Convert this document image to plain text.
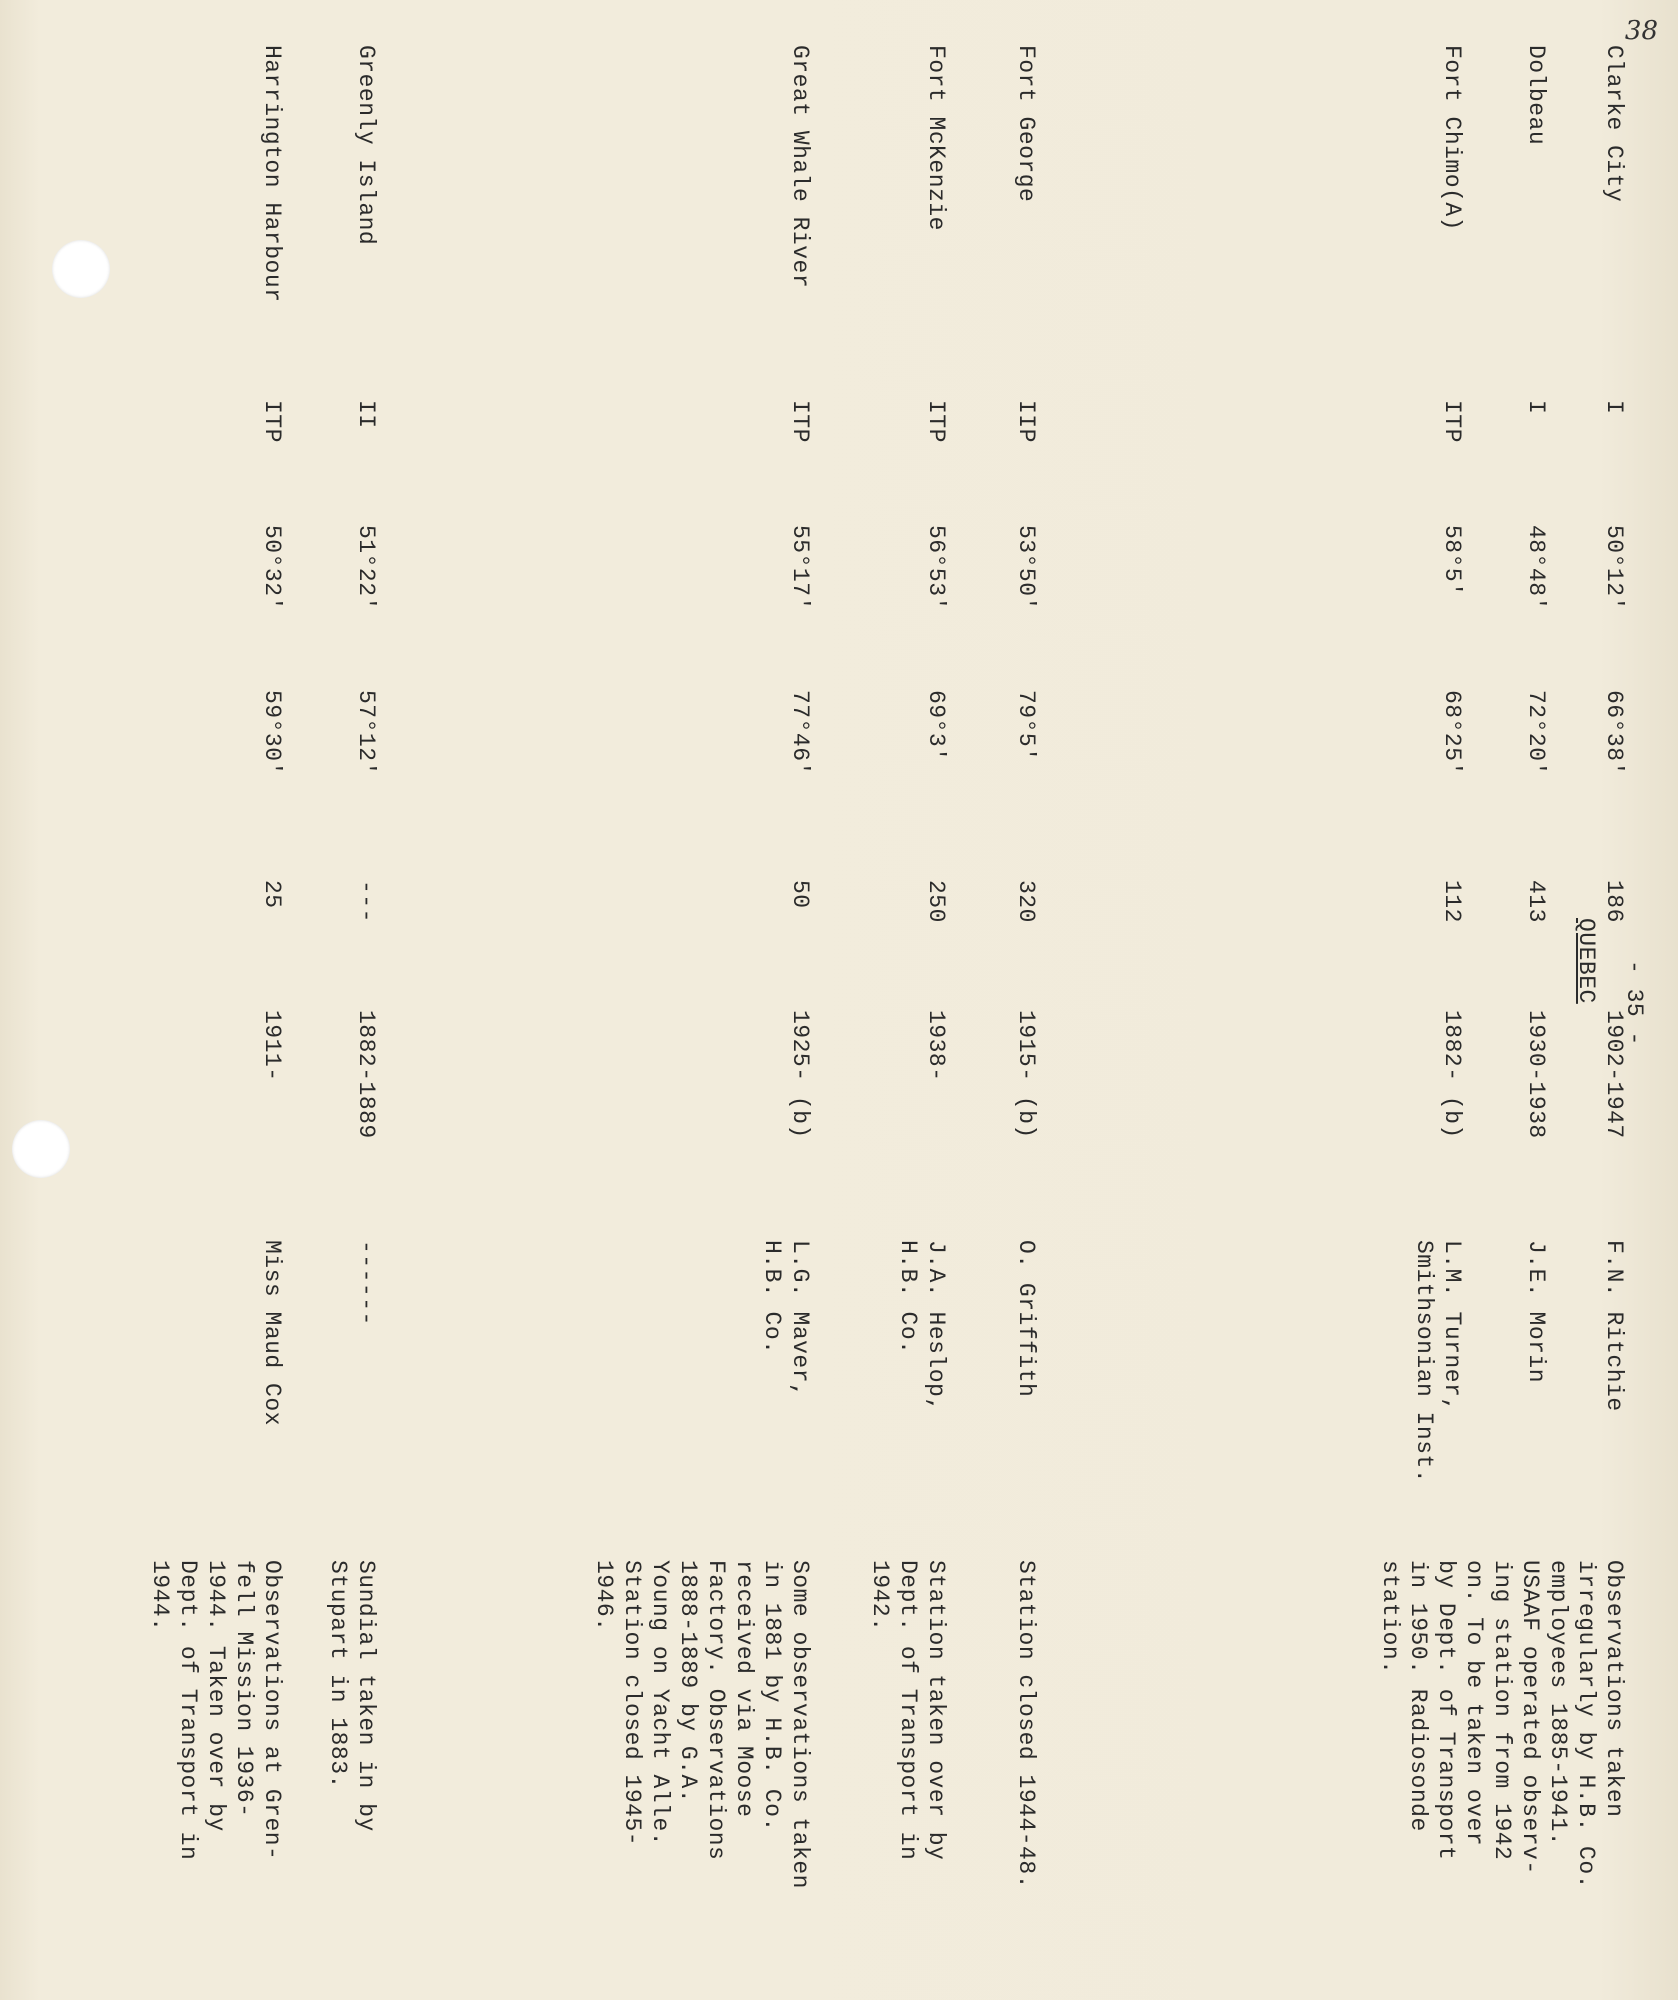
38
- 35 -
QUEBEC
Clarke City
I
50°12'
66°38'
186
1902-1947
F.N. Ritchie
Observations taken
irregularly by H.B. Co.
employees 1885-1941.
USAAF operated observ-
ing station from 1942
on. To be taken over
by Dept. of Transport
in 1950. Radiosonde
station.
Dolbeau
I
48°48'
72°20'
413
1930-1938
J.E. Morin
Fort Chimo(A)
ITP
58°5'
68°25'
112
1882- (b)
L.M. Turner,
Smithsonian Inst.
Fort George
IIP
53°50'
79°5'
320
1915- (b)
O. Griffith
Station closed 1944-48.
Fort McKenzie
ITP
56°53'
69°3'
250
1938-
J.A. Heslop,
H.B. Co.
Station taken over by
Dept. of Transport in
1942.
Great Whale River
ITP
55°17'
77°46'
50
1925- (b)
L.G. Maver,
H.B. Co.
Some observations taken
in 1881 by H.B. Co.
received via Moose
Factory. Observations
1888-1889 by G.A.
Young on Yacht Alle.
Station closed 1945-
1946.
Greenly Island
II
51°22'
57°12'
---
1882-1889
------
Sundial taken in by
Stupart in 1883.
Harrington Harbour
ITP
50°32'
59°30'
25
1911-
Miss Maud Cox
Observations at Gren-
fell Mission 1936-
1944. Taken over by
Dept. of Transport in
1944.
